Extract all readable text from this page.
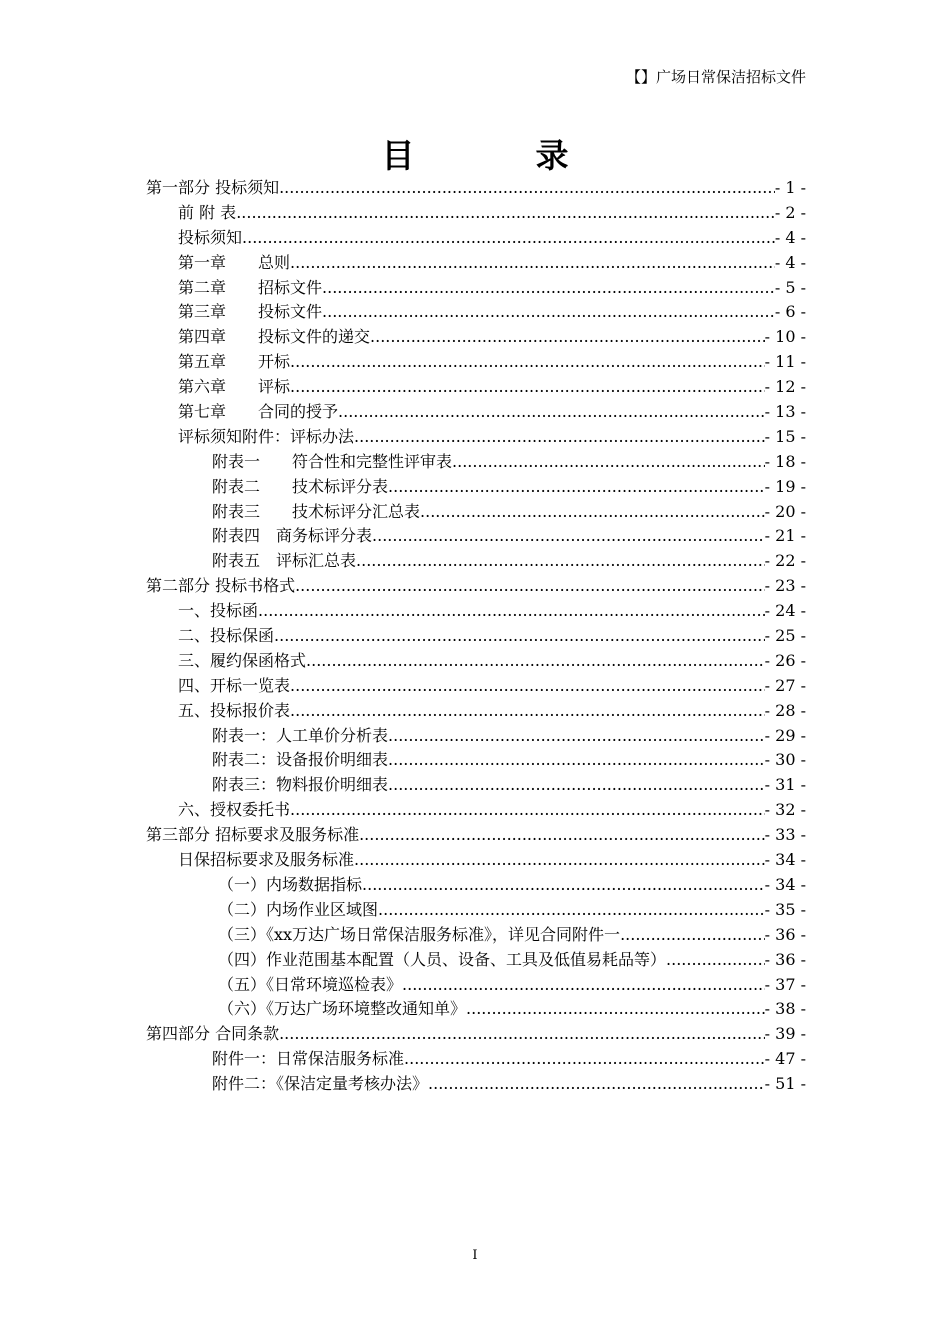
【】广场日常保洁招标文件
目　录
第一部分 投标须知 .....	- 1 -
前 附 表 .....	- 2 -
投标须知 .....	- 4 -
第一章　　总则 .....	- 4 -
第二章　　招标文件 .....	- 5 -
第三章　　投标文件 .....	- 6 -
第四章　　投标文件的递交 .....	- 10 -
第五章　　开标 .....	- 11 -
第六章　　评标 .....	- 12 -
第七章　　合同的授予 .....	- 13 -
评标须知附件：评标办法 .....	- 15 -
附表一　　符合性和完整性评审表 .....	- 18 -
附表二　　技术标评分表 .....	- 19 -
附表三　　技术标评分汇总表 .....	- 20 -
附表四　商务标评分表 .....	- 21 -
附表五　评标汇总表 .....	- 22 -
第二部分 投标书格式 .....	- 23 -
一、投标函 .....	- 24 -
二、投标保函 .....	- 25 -
三、履约保函格式 .....	- 26 -
四、开标一览表 .....	- 27 -
五、投标报价表 .....	- 28 -
附表一：人工单价分析表 .....	- 29 -
附表二：设备报价明细表 .....	- 30 -
附表三：物料报价明细表 .....	- 31 -
六、授权委托书 .....	- 32 -
第三部分 招标要求及服务标准 .....	- 33 -
日保招标要求及服务标准 .....	- 34 -
（一）内场数据指标 .....	- 34 -
（二）内场作业区域图 .....	- 35 -
（三）《xx万达广场日常保洁服务标准》，详见合同附件一 .....	- 36 -
（四）作业范围基本配置（人员、设备、工具及低值易耗品等） .....	- 36 -
（五）《日常环境巡检表》 .....	- 37 -
（六）《万达广场环境整改通知单》 .....	- 38 -
第四部分 合同条款 .....	- 39 -
附件一：日常保洁服务标准 .....	- 47 -
附件二：《保洁定量考核办法》 .....	- 51 -
I
